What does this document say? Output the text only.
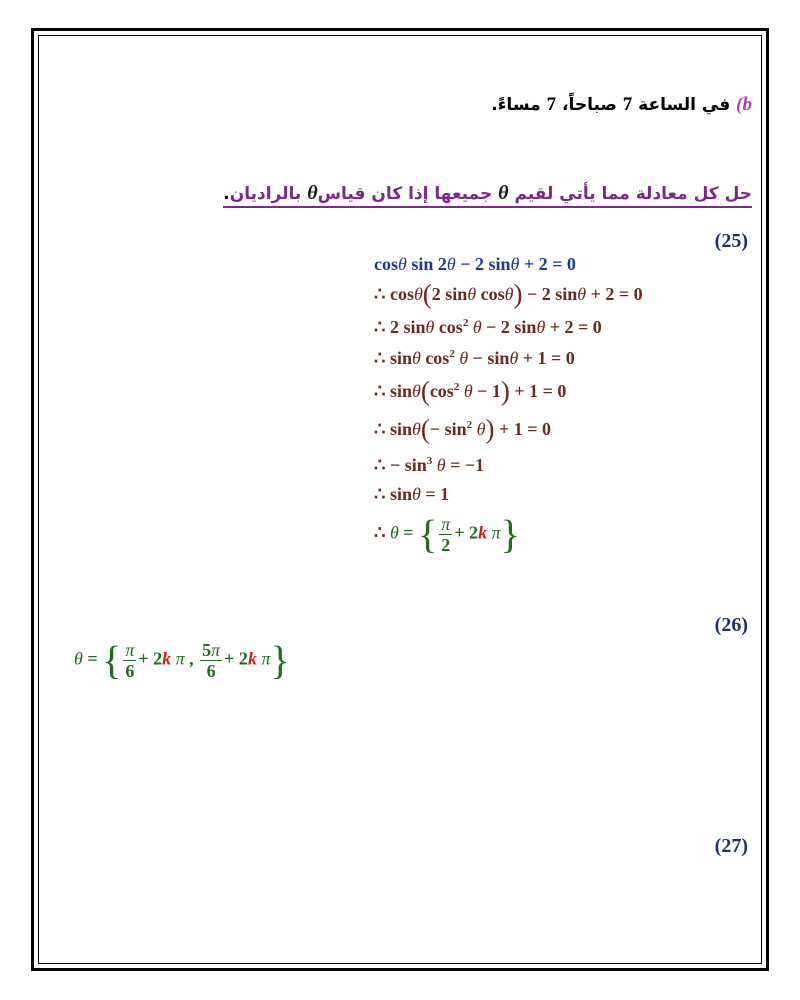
b) في الساعة 7 صباحاً، 7 مساءً.
حل كل معادلة مما يأتي لقيم θ جميعها إذا كان قياسθ بالراديان.
(25)
cosθ sin 2θ − 2 sinθ + 2 = 0
∴ cosθ(2 sinθ cosθ) − 2 sinθ + 2 = 0
∴ 2 sinθ $\cos^2 \theta - 2$ sinθ + 2 = 0
∴ sinθ $\cos^2 \theta - \sin\theta + 1 = 0$
∴ $\sin\theta(\cos^2$ θ − 1) + 1 = 0
∴ $\sin\theta(- \sin^2 \theta) + 1 = 0$
∴ − $\sin^3 \theta = -1$
∴ sinθ = 1
∴ θ = { $\frac{\pi}{2} + 2k$ π}
(26)
θ = { $\frac{\pi}{6} + 2k$ π , $\frac{5\pi}{6} + 2k$ π}
(27)
